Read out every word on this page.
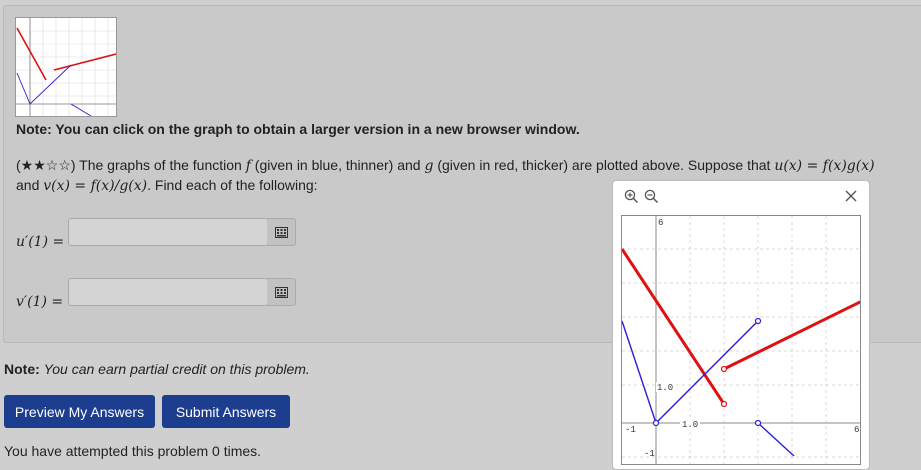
Note: You can click on the graph to obtain a larger version in a new browser window.
(★★☆☆) The graphs of the function f (given in blue, thinner) and g (given in red, thicker) are plotted above. Suppose that u(x) = f(x)g(x)
and v(x) = f(x)/g(x). Find each of the following:
u′(1) =
v′(1) =
Note: You can earn partial credit on this problem.
Preview My Answers	Submit Answers
You have attempted this problem 0 times.
6
-1	6
-1
1.0
1.0
